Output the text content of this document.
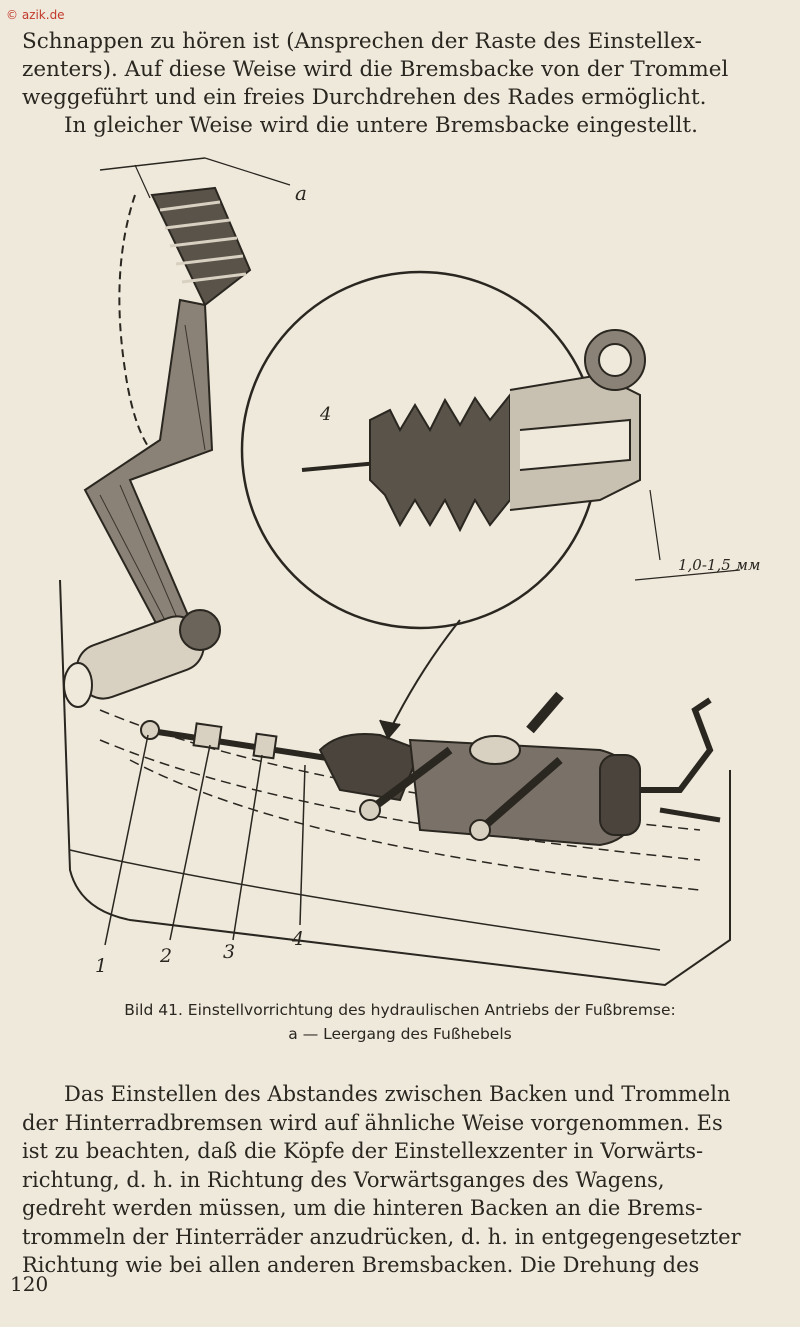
© azik.de
Schnappen zu hören ist (Ansprechen der Raste des Einstellex-
zenters). Auf diese Weise wird die Bremsbacke von der Trommel
weggeführt und ein freies Durchdrehen des Rades ermöglicht.
In gleicher Weise wird die untere Bremsbacke eingestellt.
a
4
1,0-1,5 мм
1	2	3
4
Bild 41. Einstellvorrichtung des hydraulischen Antriebs der Fußbremse:
a — Leergang des Fußhebels
Das Einstellen des Abstandes zwischen Backen und Trommeln
der Hinterradbremsen wird auf ähnliche Weise vorgenommen. Es
ist zu beachten, daß die Köpfe der Einstellexzenter in Vorwärts-
richtung, d. h. in Richtung des Vorwärtsganges des Wagens,
gedreht werden müssen, um die hinteren Backen an die Brems-
trommeln der Hinterräder anzudrücken, d. h. in entgegengesetzter
Richtung wie bei allen anderen Bremsbacken. Die Drehung des
120
